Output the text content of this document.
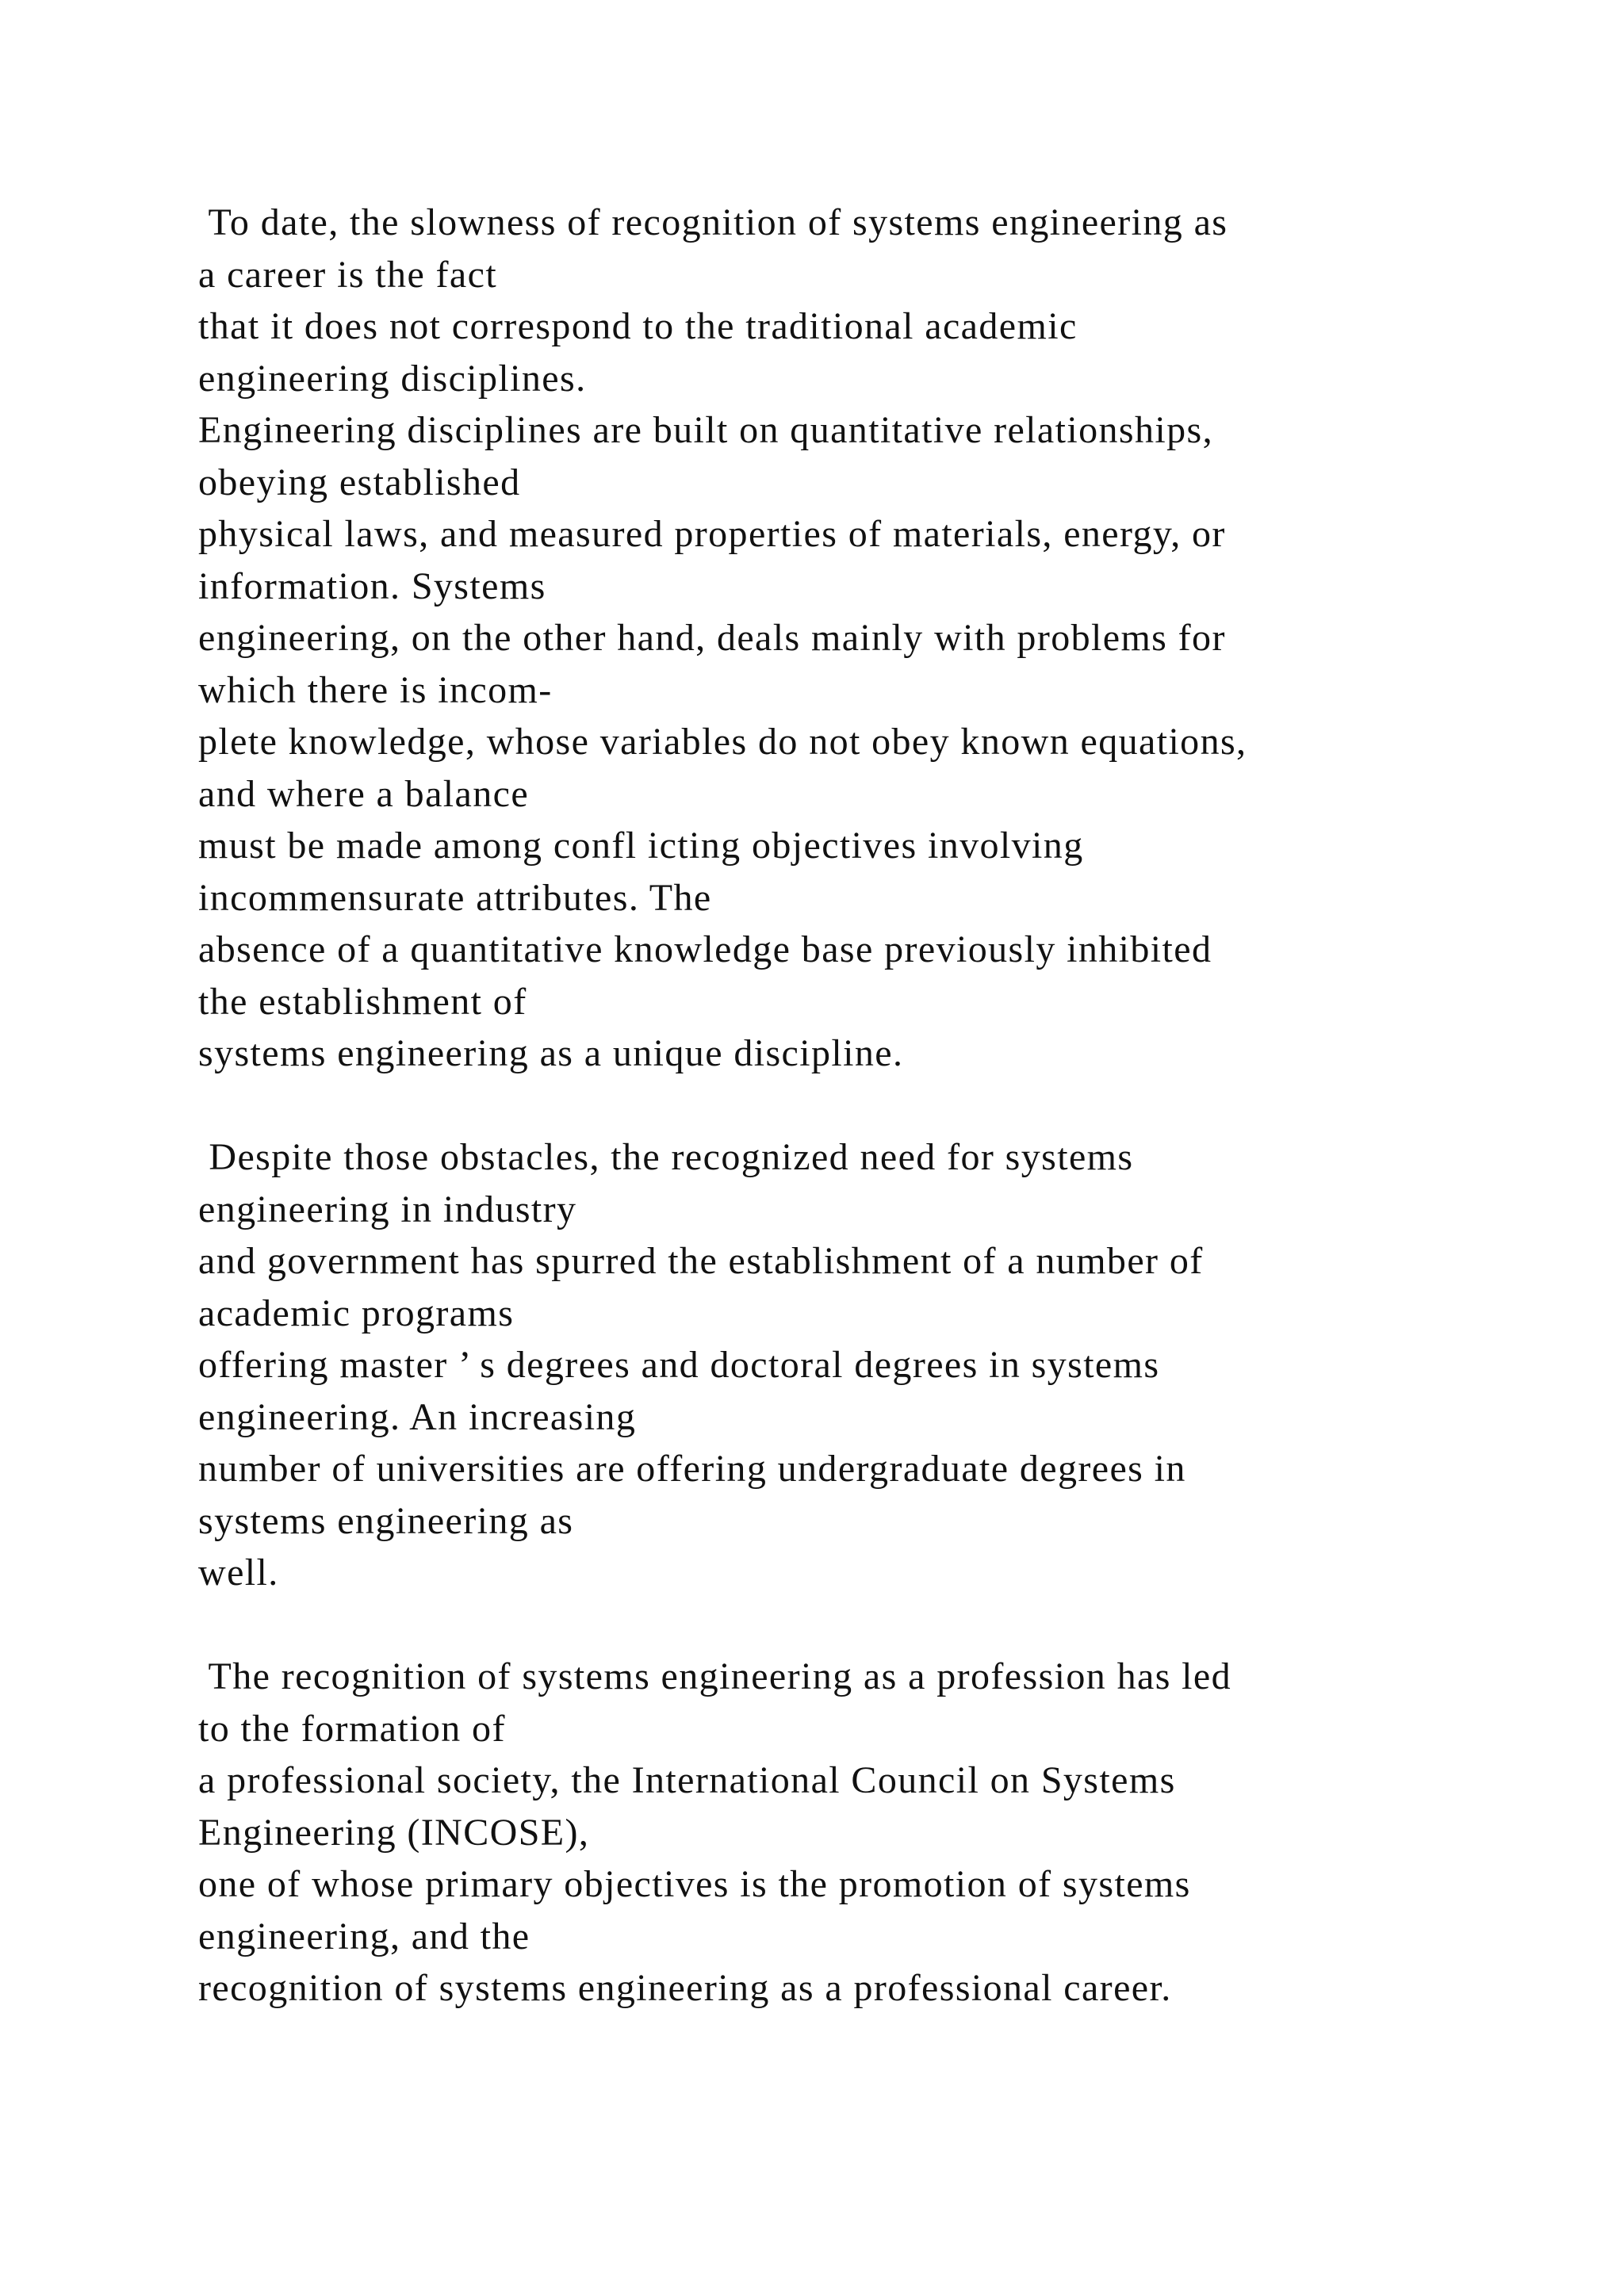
To date, the slowness of recognition of systems engineering as
a career is the fact
that it does not correspond to the traditional academic
engineering disciplines.
Engineering disciplines are built on quantitative relationships,
obeying established
physical laws, and measured properties of materials, energy, or
information. Systems
engineering, on the other hand, deals mainly with problems for
which there is incom-
plete knowledge, whose variables do not obey known equations,
and where a balance
must be made among confl icting objectives involving
incommensurate attributes. The
absence of a quantitative knowledge base previously inhibited
the establishment of
systems engineering as a unique discipline.
Despite those obstacles, the recognized need for systems
engineering in industry
and government has spurred the establishment of a number of
academic programs
offering master ’ s degrees and doctoral degrees in systems
engineering. An increasing
number of universities are offering undergraduate degrees in
systems engineering as
well.
The recognition of systems engineering as a profession has led
to the formation of
a professional society, the International Council on Systems
Engineering (INCOSE),
one of whose primary objectives is the promotion of systems
engineering, and the
recognition of systems engineering as a professional career.
